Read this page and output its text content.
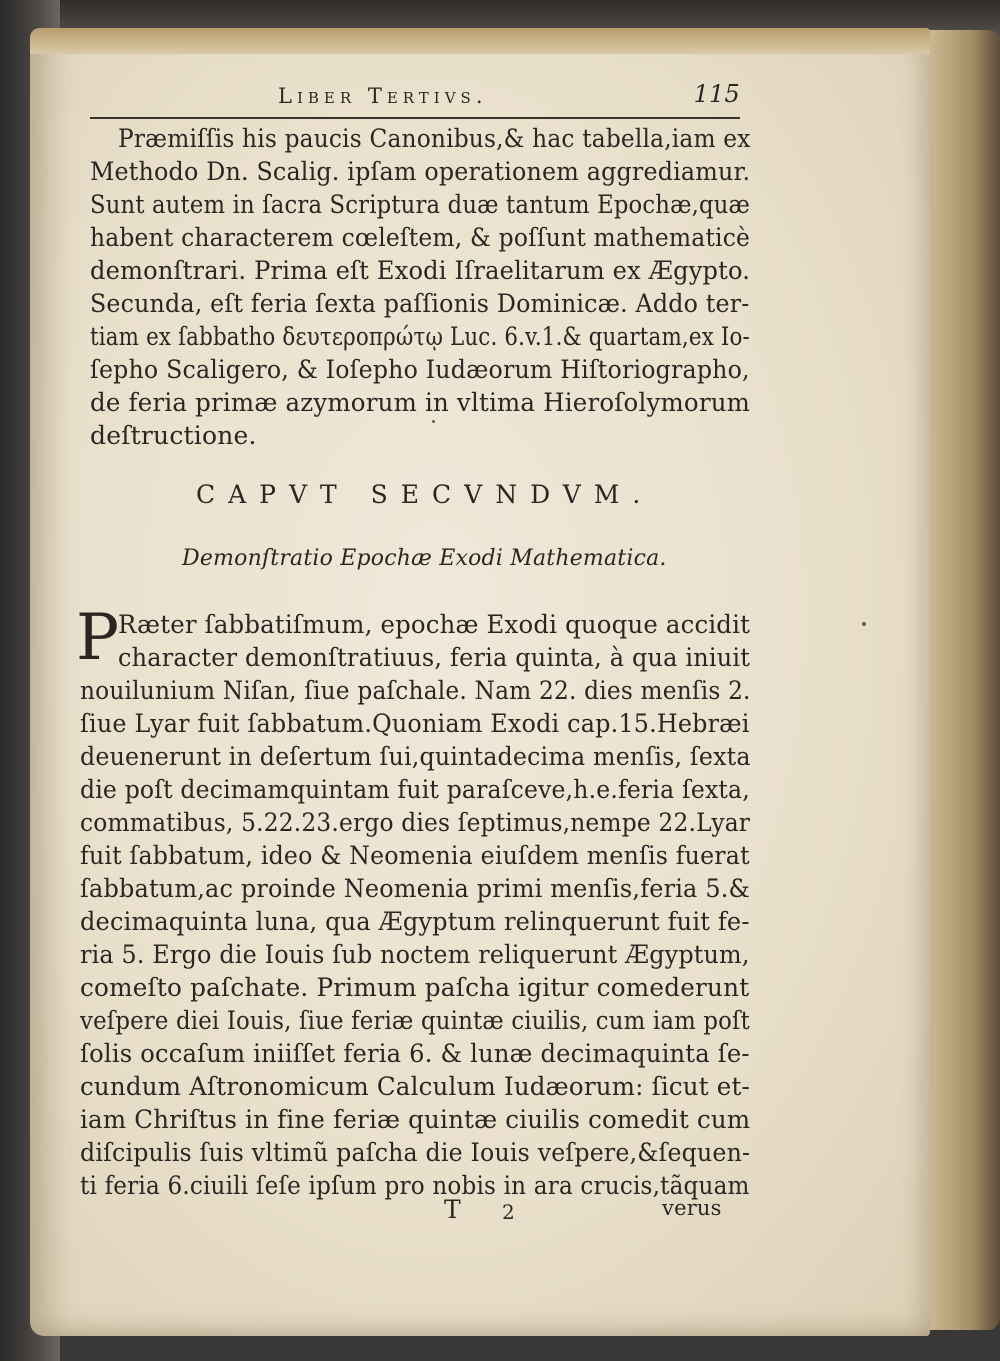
Liber Tertivs.	115
Præmiſſis his paucis Canonibus,& hac tabella,iam ex
Methodo Dn. Scalig. ipſam operationem aggrediamur.
Sunt autem in ſacra Scriptura duæ tantum Epochæ,quæ
habent characterem cœleſtem, & poſſunt mathematicè
demonſtrari. Prima eſt Exodi Iſraelitarum ex Ægypto.
Secunda, eſt feria ſexta paſſionis Dominicæ. Addo ter-
tiam ex ſabbatho δευτεροπρώτῳ Luc. 6.v.1.& quartam,ex Io-
ſepho Scaligero, & Ioſepho Iudæorum Hiſtoriographo,
de feria primæ azymorum in vltima Hieroſolymorum
deſtructione.
CAPVT SECVNDVM.
Demonſtratio Epochæ Exodi Mathematica.
P
Ræter ſabbatiſmum, epochæ Exodi quoque accidit
character demonſtratiuus, feria quinta, à qua iniuit
nouilunium Niſan, ſiue paſchale. Nam 22. dies menſis 2.
ſiue Lyar fuit ſabbatum.Quoniam Exodi cap.15.Hebræi
deuenerunt in deſertum ſui,quintadecima menſis, ſexta
die poſt decimamquintam fuit paraſceve,h.e.feria ſexta,
commatibus, 5.22.23.ergo dies ſeptimus,nempe 22.Lyar
fuit ſabbatum, ideo & Neomenia eiuſdem menſis fuerat
ſabbatum,ac proinde Neomenia primi menſis,feria 5.&
decimaquinta luna, qua Ægyptum relinquerunt fuit fe-
ria 5. Ergo die Iouis ſub noctem reliquerunt Ægyptum,
comeſto paſchate. Primum paſcha igitur comederunt
veſpere diei Iouis, ſiue feriæ quintæ ciuilis, cum iam poſt
ſolis occaſum iniiſſet feria 6. & lunæ decimaquinta ſe-
cundum Aſtronomicum Calculum Iudæorum: ſicut et-
iam Chriſtus in fine feriæ quintæ ciuilis comedit cum
diſcipulis ſuis vltimũ paſcha die Iouis veſpere,&ſequen-
ti feria 6.ciuili ſeſe ipſum pro nobis in ara crucis,tãquam
T 2	verus
